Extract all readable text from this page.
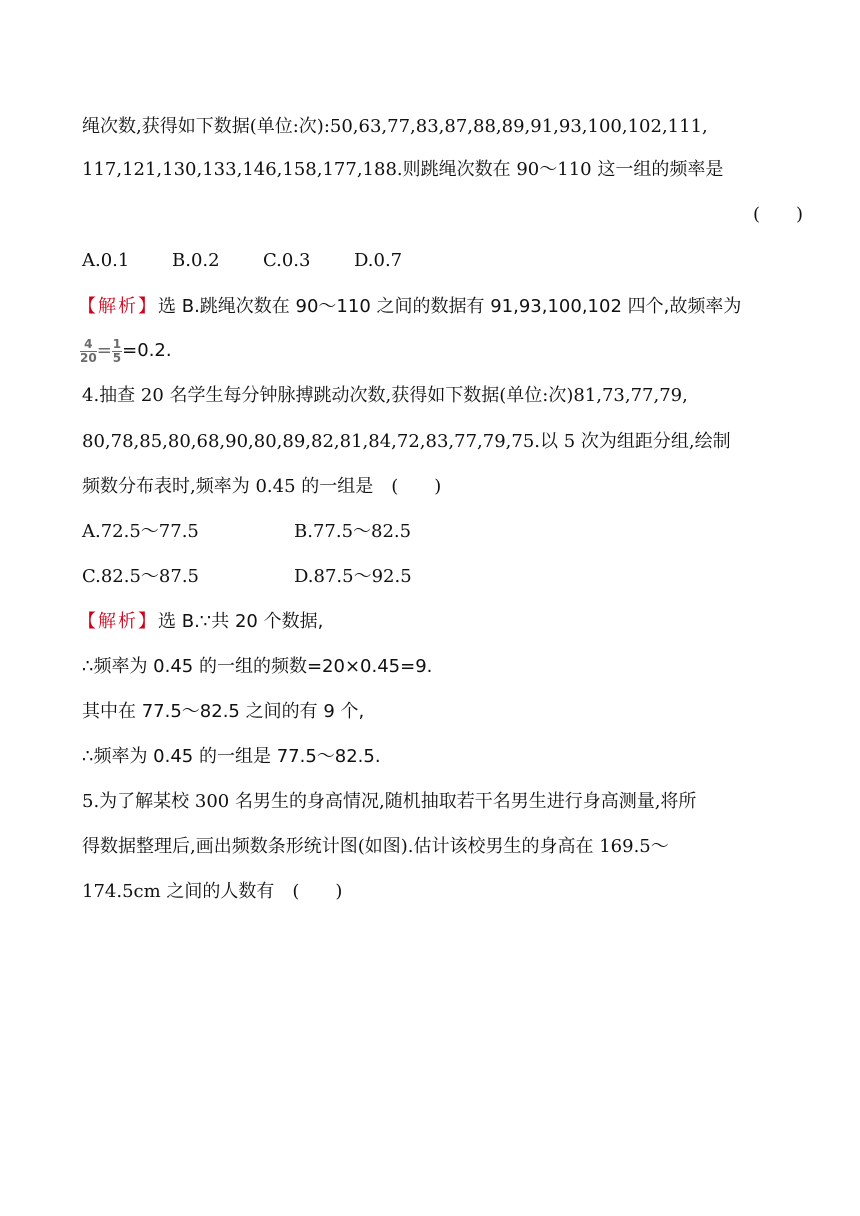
绳次数,获得如下数据(单位:次):50,63,77,83,87,88,89,91,93,100,102,111,
117,121,130,133,146,158,177,188.则跳绳次数在 90～110 这一组的频率是
(　　)
A.0.1 B.0.2 C.0.3 D.0.7
【解析】选 B.跳绳次数在 90～110 之间的数据有 91,93,100,102 四个,故频率为
$\frac{4}{20} = \frac{1}{5} =0.2$.
4.抽查 20 名学生每分钟脉搏跳动次数,获得如下数据(单位:次)81,73,77,79,
80,78,85,80,68,90,80,89,82,81,84,72,83,77,79,75.以 5 次为组距分组,绘制
频数分布表时,频率为 0.45 的一组是　(　　)
A.72.5～77.5	B.77.5～82.5
C.82.5～87.5	D.87.5～92.5
【解析】选 B.∵共 20 个数据,
∴频率为 0.45 的一组的频数=20×0.45=9.
其中在 77.5～82.5 之间的有 9 个,
∴频率为 0.45 的一组是 77.5～82.5.
5.为了解某校 300 名男生的身高情况,随机抽取若干名男生进行身高测量,将所
得数据整理后,画出频数条形统计图(如图).估计该校男生的身高在 169.5～
174.5cm 之间的人数有　(　　)
